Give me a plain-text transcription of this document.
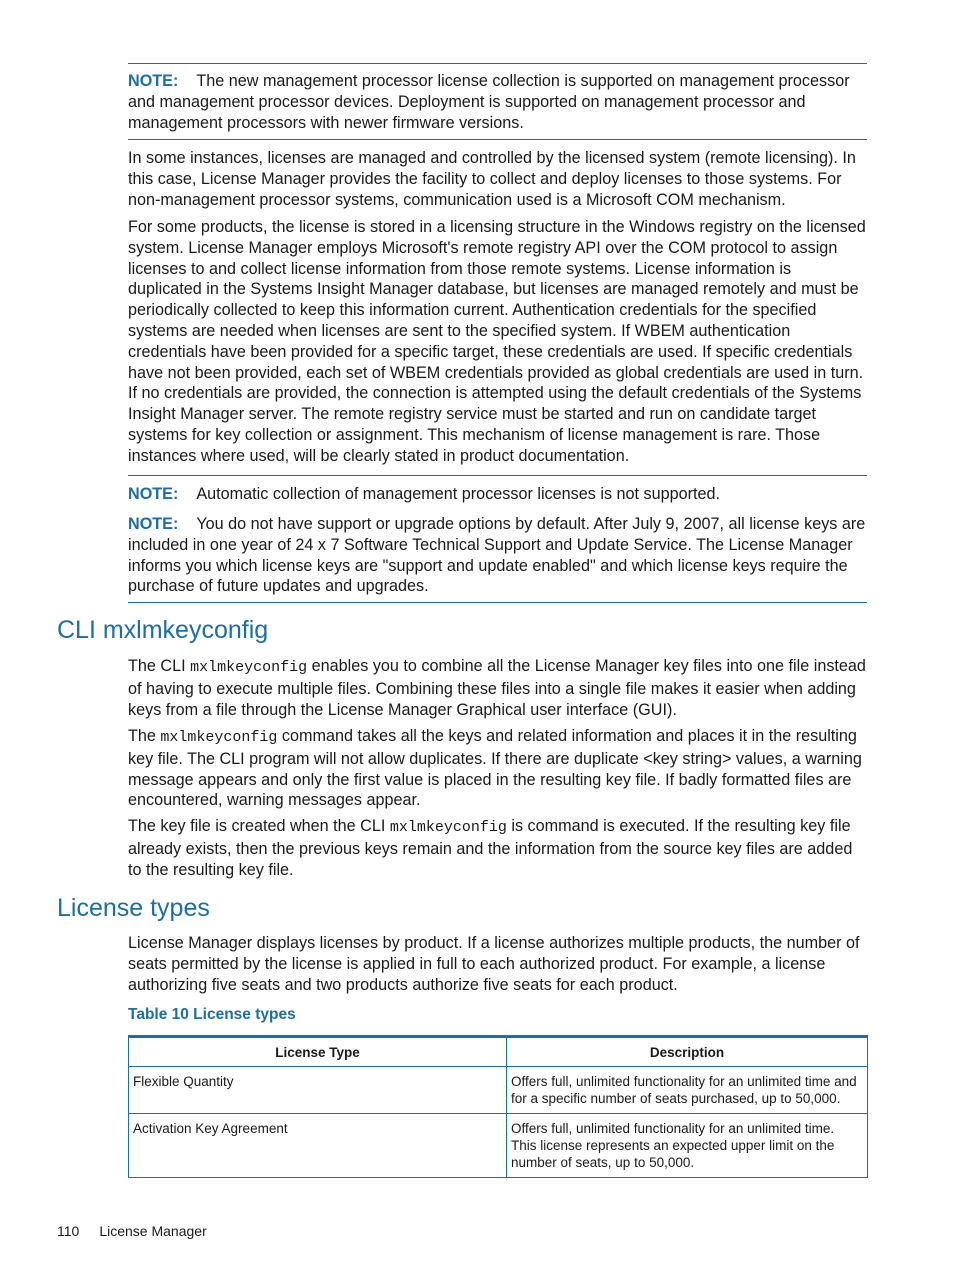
NOTE: The new management processor license collection is supported on management processor and management processor devices. Deployment is supported on management processor and management processors with newer firmware versions.

In some instances, licenses are managed and controlled by the licensed system (remote licensing). In this case, License Manager provides the facility to collect and deploy licenses to those systems. For non-management processor systems, communication used is a Microsoft COM mechanism.

For some products, the license is stored in a licensing structure in the Windows registry on the licensed system. License Manager employs Microsoft's remote registry API over the COM protocol to assign licenses to and collect license information from those remote systems. License information is duplicated in the Systems Insight Manager database, but licenses are managed remotely and must be periodically collected to keep this information current. Authentication credentials for the specified systems are needed when licenses are sent to the specified system. If WBEM authentication credentials have been provided for a specific target, these credentials are used. If specific credentials have not been provided, each set of WBEM credentials provided as global credentials are used in turn. If no credentials are provided, the connection is attempted using the default credentials of the Systems Insight Manager server. The remote registry service must be started and run on candidate target systems for key collection or assignment. This mechanism of license management is rare. Those instances where used, will be clearly stated in product documentation.

NOTE: Automatic collection of management processor licenses is not supported.

NOTE: You do not have support or upgrade options by default. After July 9, 2007, all license keys are included in one year of 24 x 7 Software Technical Support and Update Service. The License Manager informs you which license keys are "support and update enabled" and which license keys require the purchase of future updates and upgrades.

CLI mxlmkeyconfig

The CLI mxlmkeyconfig enables you to combine all the License Manager key files into one file instead of having to execute multiple files. Combining these files into a single file makes it easier when adding keys from a file through the License Manager Graphical user interface (GUI).

The mxlmkeyconfig command takes all the keys and related information and places it in the resulting key file. The CLI program will not allow duplicates. If there are duplicate <key string> values, a warning message appears and only the first value is placed in the resulting key file. If badly formatted files are encountered, warning messages appear.

The key file is created when the CLI mxlmkeyconfig is command is executed. If the resulting key file already exists, then the previous keys remain and the information from the source key files are added to the resulting key file.

License types

License Manager displays licenses by product. If a license authorizes multiple products, the number of seats permitted by the license is applied in full to each authorized product. For example, a license authorizing five seats and two products authorize five seats for each product.

Table 10 License types
License Type	Description
Flexible Quantity	Offers full, unlimited functionality for an unlimited time and for a specific number of seats purchased, up to 50,000.
Activation Key Agreement	Offers full, unlimited functionality for an unlimited time. This license represents an expected upper limit on the number of seats, up to 50,000.
110 License Manager
